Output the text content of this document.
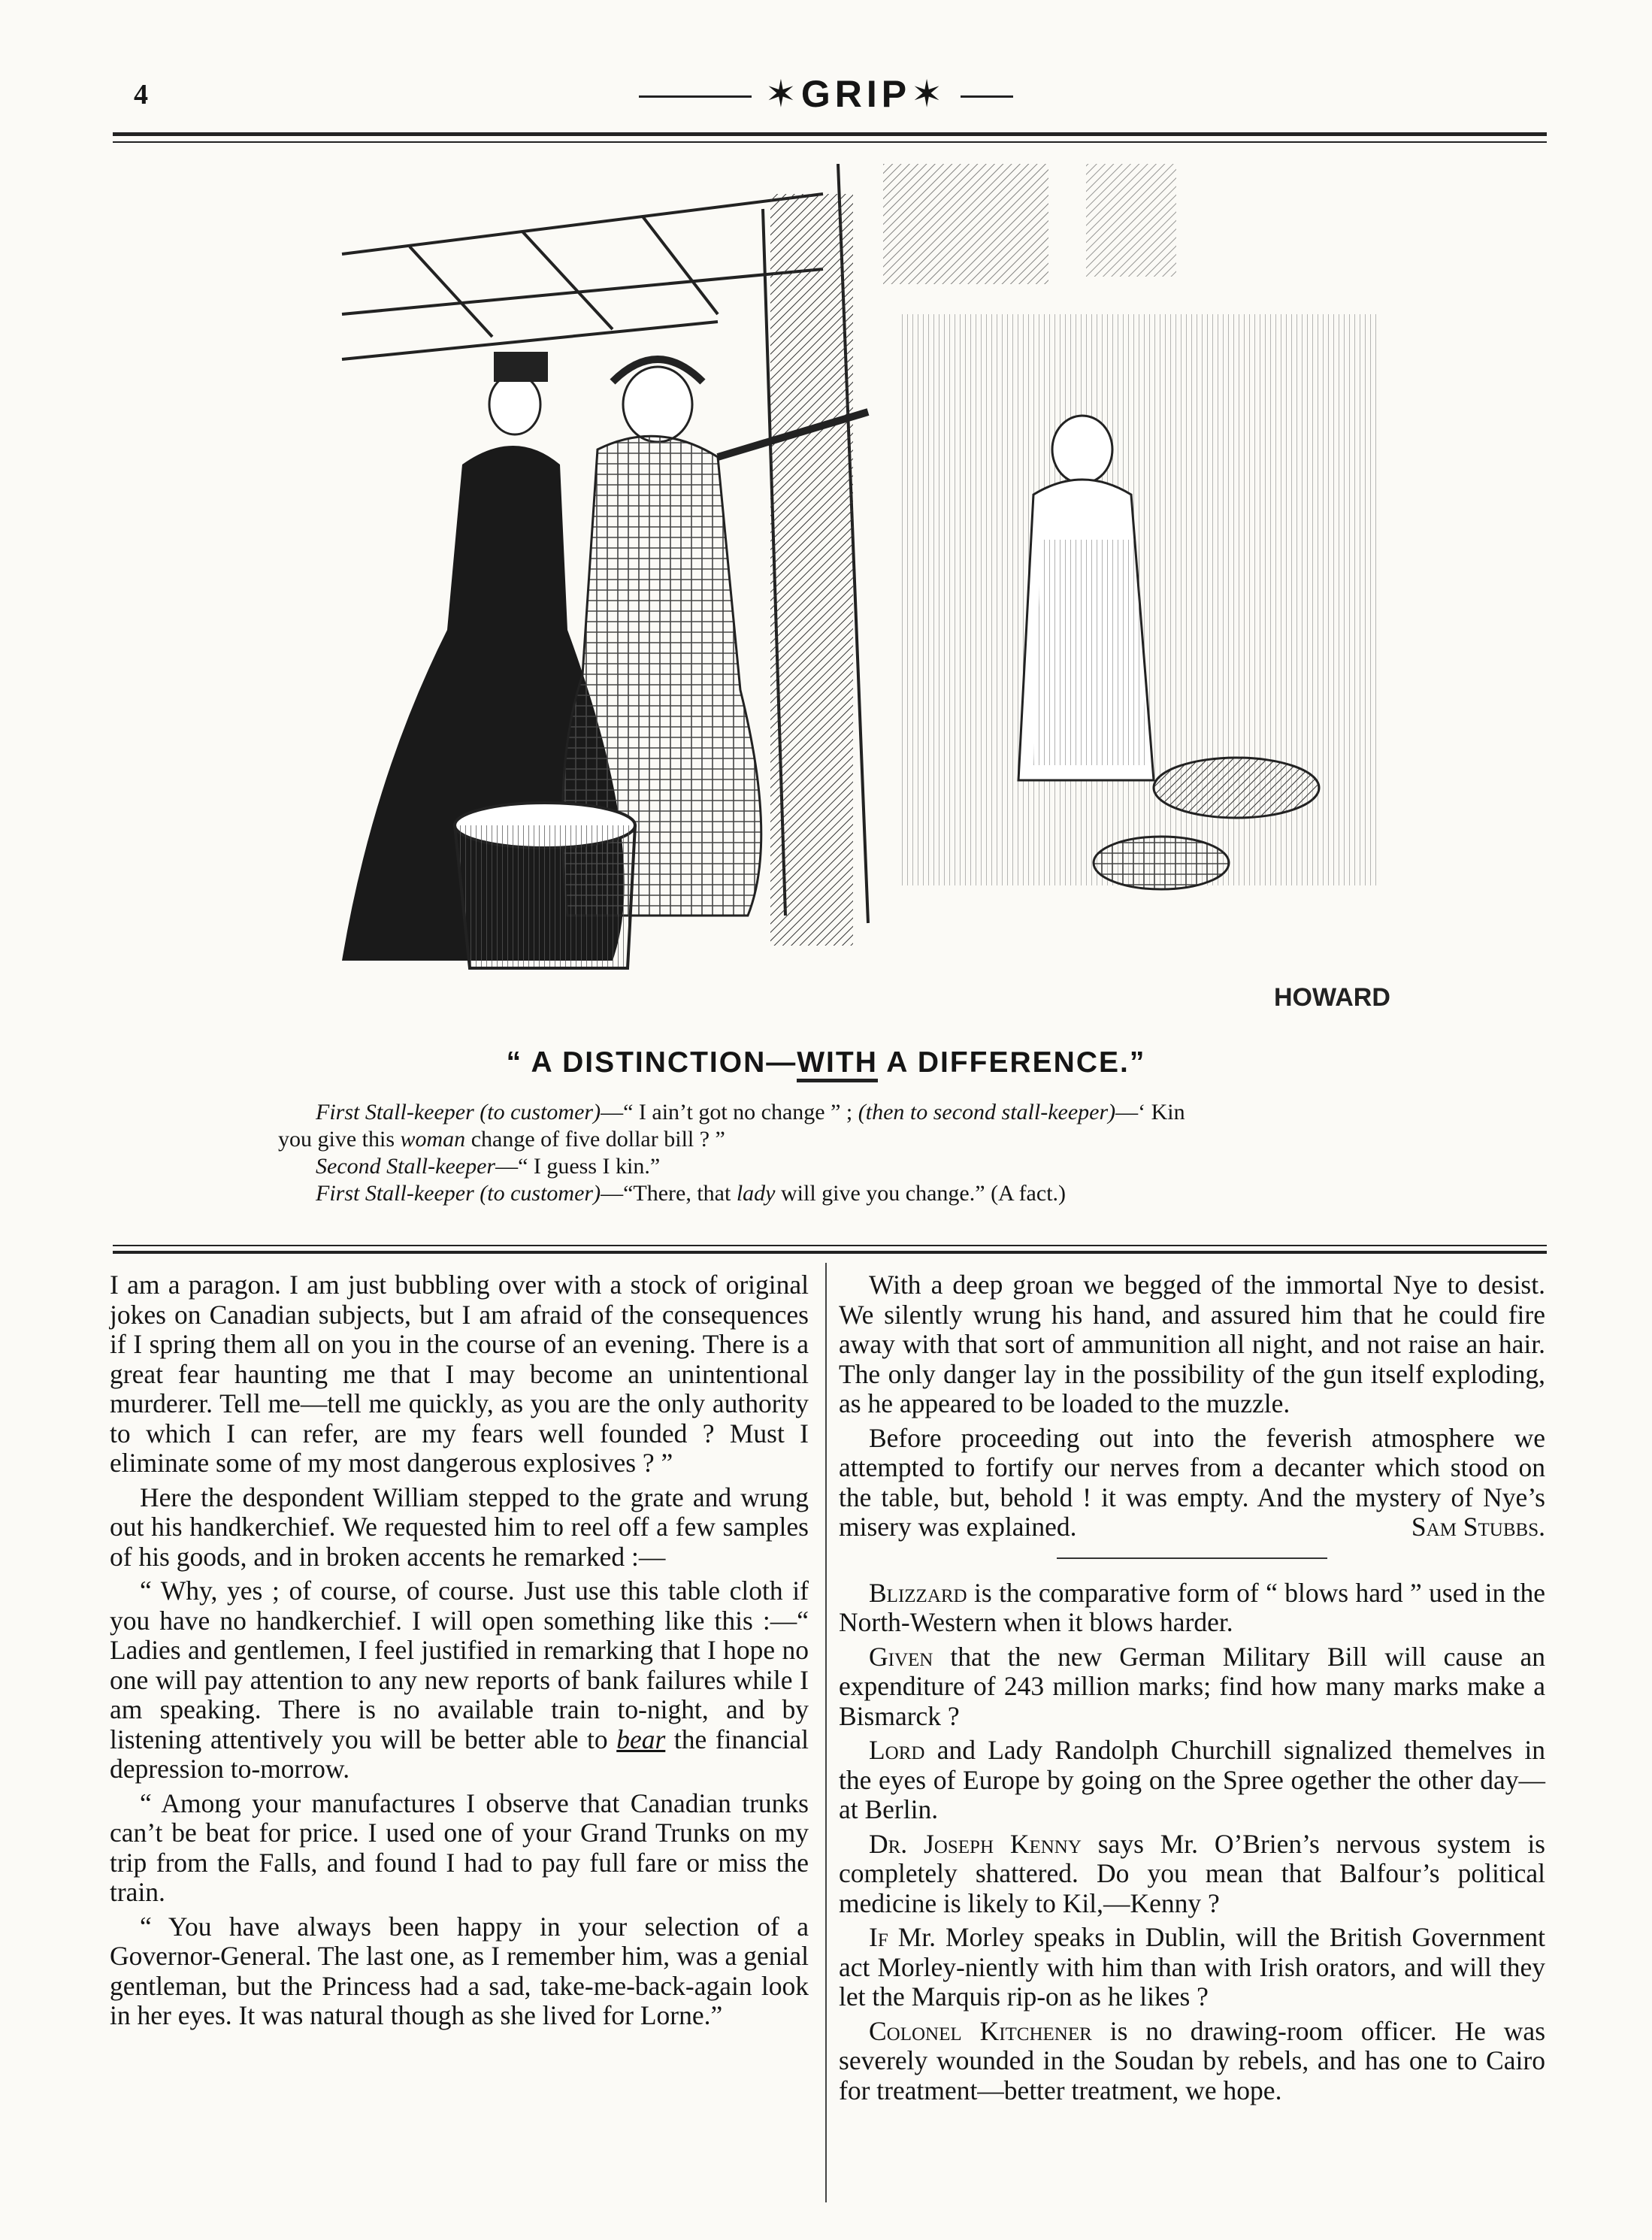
4	✶GRIP✶
HOWARD
“ A DISTINCTION—WITH A DIFFERENCE.”

First Stall-keeper (to customer)—“ I ain’t got no change ” ; (then to second stall-keeper)—‘ Kin

you give this woman change of five dollar bill ? ”

Second Stall-keeper—“ I guess I kin.”

First Stall-keeper (to customer)—“There, that lady will give you change.” (A fact.)

I am a paragon. I am just bubbling over with a stock of original jokes on Canadian subjects, but I am afraid of the consequences if I spring them all on you in the course of an evening. There is a great fear haunting me that I may become an unintentional murderer. Tell me—tell me quickly, as you are the only authority to which I can refer, are my fears well founded ? Must I eliminate some of my most dangerous explosives ? ”

Here the despondent William stepped to the grate and wrung out his handkerchief. We requested him to reel off a few samples of his goods, and in broken accents he remarked :—

“ Why, yes ; of course, of course. Just use this table cloth if you have no handkerchief. I will open something like this :—“ Ladies and gentlemen, I feel justified in remarking that I hope no one will pay attention to any new reports of bank failures while I am speaking. There is no available train to-night, and by listening attentively you will be better able to bear the financial depression to-morrow.

“ Among your manufactures I observe that Canadian trunks can’t be beat for price. I used one of your Grand Trunks on my trip from the Falls, and found I had to pay full fare or miss the train.

“ You have always been happy in your selection of a Governor-General. The last one, as I remember him, was a genial gentleman, but the Princess had a sad, take-me-back-again look in her eyes. It was natural though as she lived for Lorne.”

With a deep groan we begged of the immortal Nye to desist. We silently wrung his hand, and assured him that he could fire away with that sort of ammunition all night, and not raise an hair. The only danger lay in the possibility of the gun itself exploding, as he appeared to be loaded to the muzzle.

Before proceeding out into the feverish atmosphere we attempted to fortify our nerves from a decanter which stood on the table, but, behold ! it was empty. And the mystery of Nye’s misery was explained.	Sam Stubbs.

Blizzard is the comparative form of “ blows hard ” used in the North-Western when it blows harder.

Given that the new German Military Bill will cause an expenditure of 243 million marks; find how many marks make a Bismarck ?

Lord and Lady Randolph Churchill signalized themelves in the eyes of Europe by going on the Spree ogether the other day—at Berlin.

Dr. Joseph Kenny says Mr. O’Brien’s nervous system is completely shattered. Do you mean that Balfour’s political medicine is likely to Kil,—Kenny ?

If Mr. Morley speaks in Dublin, will the British Government act Morley-niently with him than with Irish orators, and will they let the Marquis rip-on as he likes ?

Colonel Kitchener is no drawing-room officer. He was severely wounded in the Soudan by rebels, and has one to Cairo for treatment—better treatment, we hope.
